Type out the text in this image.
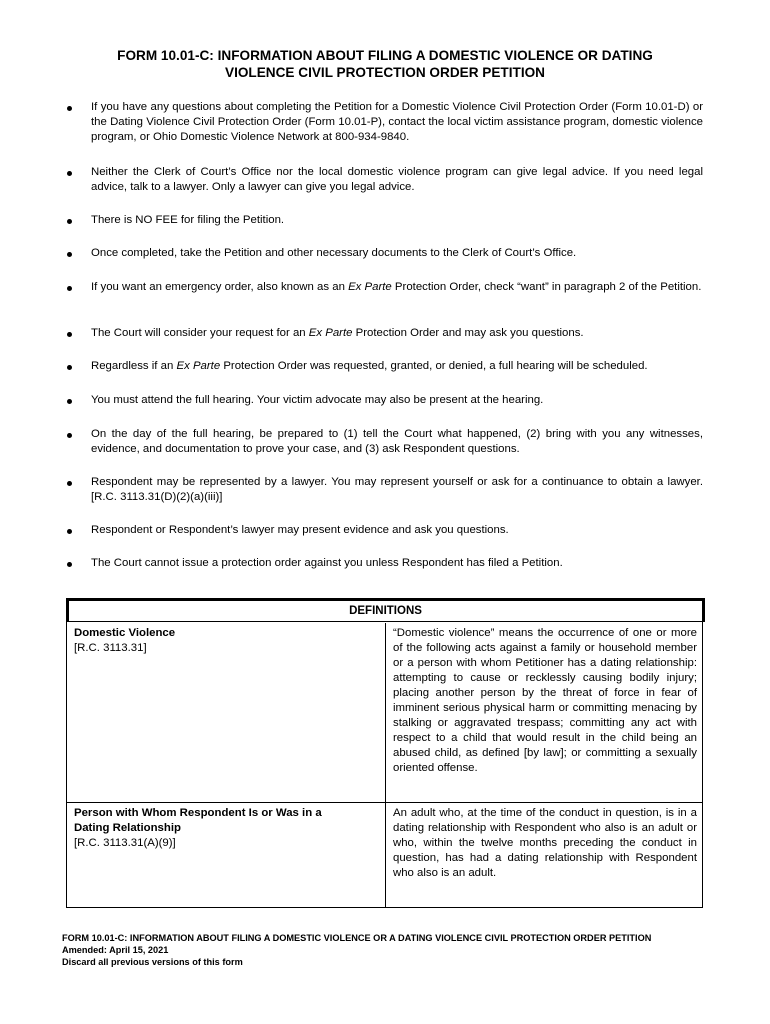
FORM 10.01-C: INFORMATION ABOUT FILING A DOMESTIC VIOLENCE OR DATING
VIOLENCE CIVIL PROTECTION ORDER PETITION
If you have any questions about completing the Petition for a Domestic Violence Civil Protection Order (Form 10.01-D) or the Dating Violence Civil Protection Order (Form 10.01-P), contact the local victim assistance program, domestic violence program, or Ohio Domestic Violence Network at 800-934-9840.
Neither the Clerk of Court’s Office nor the local domestic violence program can give legal advice. If you need legal advice, talk to a lawyer. Only a lawyer can give you legal advice.
There is NO FEE for filing the Petition.
Once completed, take the Petition and other necessary documents to the Clerk of Court’s Office.
If you want an emergency order, also known as an Ex Parte Protection Order, check “want” in paragraph 2 of the Petition.
The Court will consider your request for an Ex Parte Protection Order and may ask you questions.
Regardless if an Ex Parte Protection Order was requested, granted, or denied, a full hearing will be scheduled.
You must attend the full hearing. Your victim advocate may also be present at the hearing.
On the day of the full hearing, be prepared to (1) tell the Court what happened, (2) bring with you any witnesses, evidence, and documentation to prove your case, and (3) ask Respondent questions.
Respondent may be represented by a lawyer. You may represent yourself or ask for a continuance to obtain a lawyer. [R.C. 3113.31(D)(2)(a)(iii)]
Respondent or Respondent’s lawyer may present evidence and ask you questions.
The Court cannot issue a protection order against you unless Respondent has filed a Petition.
DEFINITIONS
Domestic Violence
[R.C. 3113.31]
“Domestic violence” means the occurrence of one or more of the following acts against a family or household member or a person with whom Petitioner has a dating relationship: attempting to cause or recklessly causing bodily injury; placing another person by the threat of force in fear of imminent serious physical harm or committing menacing by stalking or aggravated trespass; committing any act with respect to a child that would result in the child being an abused child, as defined [by law]; or committing a sexually oriented offense.
Person with Whom Respondent Is or Was in a Dating Relationship
[R.C. 3113.31(A)(9)]
An adult who, at the time of the conduct in question, is in a dating relationship with Respondent who also is an adult or who, within the twelve months preceding the conduct in question, has had a dating relationship with Respondent who also is an adult.
FORM 10.01-C: INFORMATION ABOUT FILING A DOMESTIC VIOLENCE OR A DATING VIOLENCE CIVIL PROTECTION ORDER PETITION
Amended: April 15, 2021
Discard all previous versions of this form
